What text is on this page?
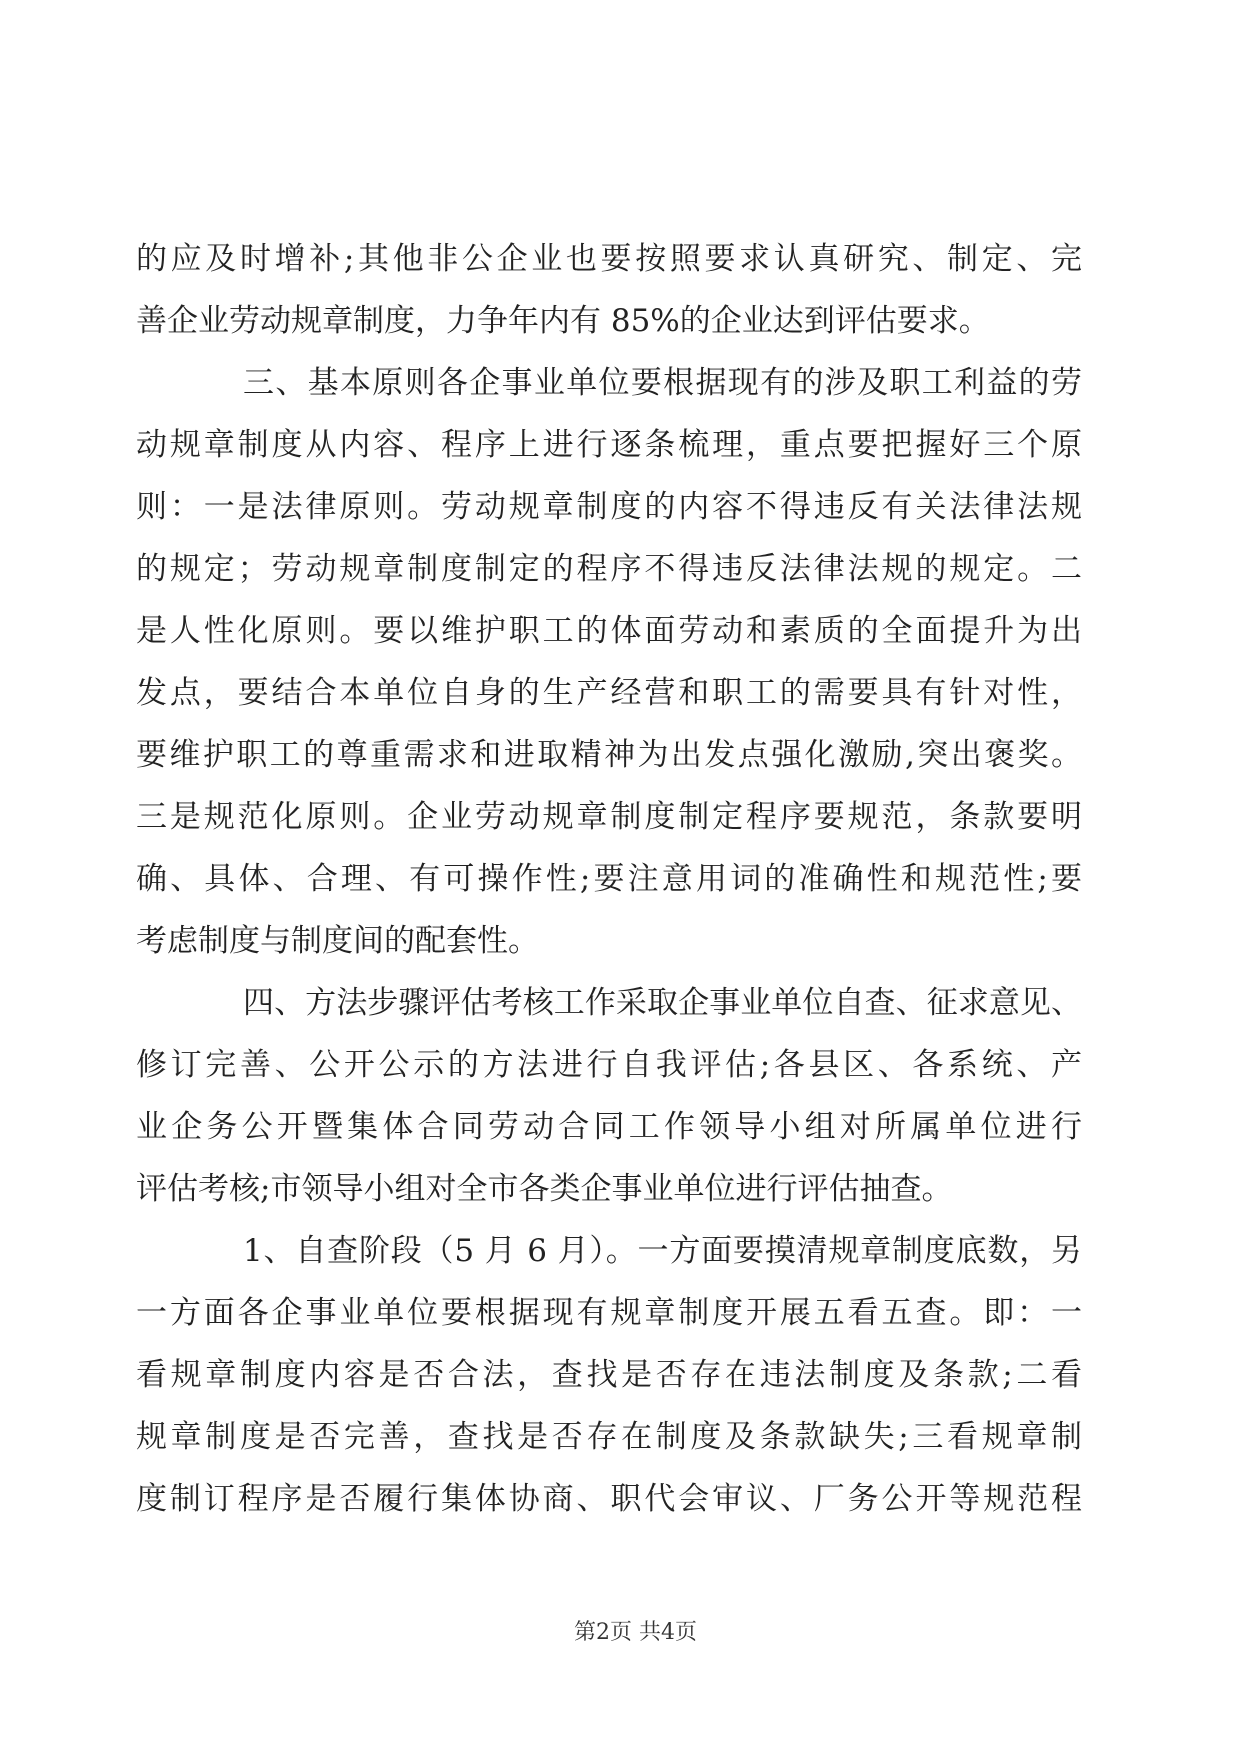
的应及时增补;其他非公企业也要按照要求认真研究、制定、完
善企业劳动规章制度，力争年内有 85%的企业达到评估要求。
三、基本原则各企事业单位要根据现有的涉及职工利益的劳
动规章制度从内容、程序上进行逐条梳理，重点要把握好三个原
则：一是法律原则。劳动规章制度的内容不得违反有关法律法规
的规定；劳动规章制度制定的程序不得违反法律法规的规定。二
是人性化原则。要以维护职工的体面劳动和素质的全面提升为出
发点，要结合本单位自身的生产经营和职工的需要具有针对性，
要维护职工的尊重需求和进取精神为出发点强化激励,突出褒奖。
三是规范化原则。企业劳动规章制度制定程序要规范，条款要明
确、具体、合理、有可操作性;要注意用词的准确性和规范性;要
考虑制度与制度间的配套性。
四、方法步骤评估考核工作采取企事业单位自查、征求意见、
修订完善、公开公示的方法进行自我评估;各县区、各系统、产
业企务公开暨集体合同劳动合同工作领导小组对所属单位进行
评估考核;市领导小组对全市各类企事业单位进行评估抽查。
1、自查阶段（5 月 6 月）。一方面要摸清规章制度底数，另
一方面各企事业单位要根据现有规章制度开展五看五查。即：一
看规章制度内容是否合法，查找是否存在违法制度及条款;二看
规章制度是否完善，查找是否存在制度及条款缺失;三看规章制
度制订程序是否履行集体协商、职代会审议、厂务公开等规范程
第2页 共4页
